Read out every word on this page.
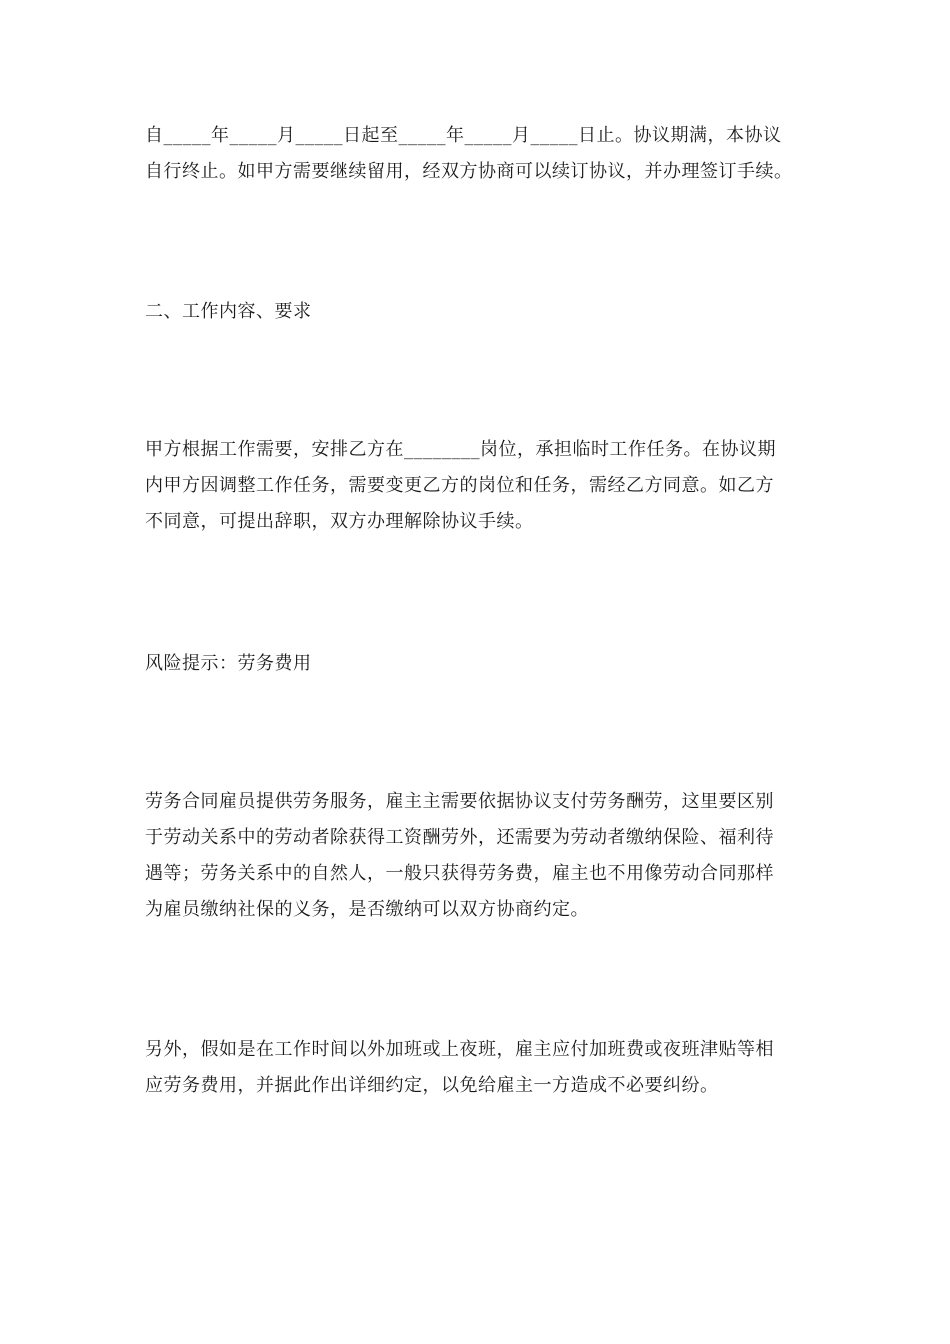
自_____年_____月_____日起至_____年_____月_____日止。协议期满，本协议
自行终止。如甲方需要继续留用，经双方协商可以续订协议，并办理签订手续。

二、工作内容、要求

甲方根据工作需要，安排乙方在________岗位，承担临时工作任务。在协议期
内甲方因调整工作任务，需要变更乙方的岗位和任务，需经乙方同意。如乙方
不同意，可提出辞职，双方办理解除协议手续。

风险提示：劳务费用

劳务合同雇员提供劳务服务，雇主主需要依据协议支付劳务酬劳，这里要区别
于劳动关系中的劳动者除获得工资酬劳外，还需要为劳动者缴纳保险、福利待
遇等；劳务关系中的自然人，一般只获得劳务费，雇主也不用像劳动合同那样
为雇员缴纳社保的义务，是否缴纳可以双方协商约定。

另外，假如是在工作时间以外加班或上夜班，雇主应付加班费或夜班津贴等相
应劳务费用，并据此作出详细约定，以免给雇主一方造成不必要纠纷。
